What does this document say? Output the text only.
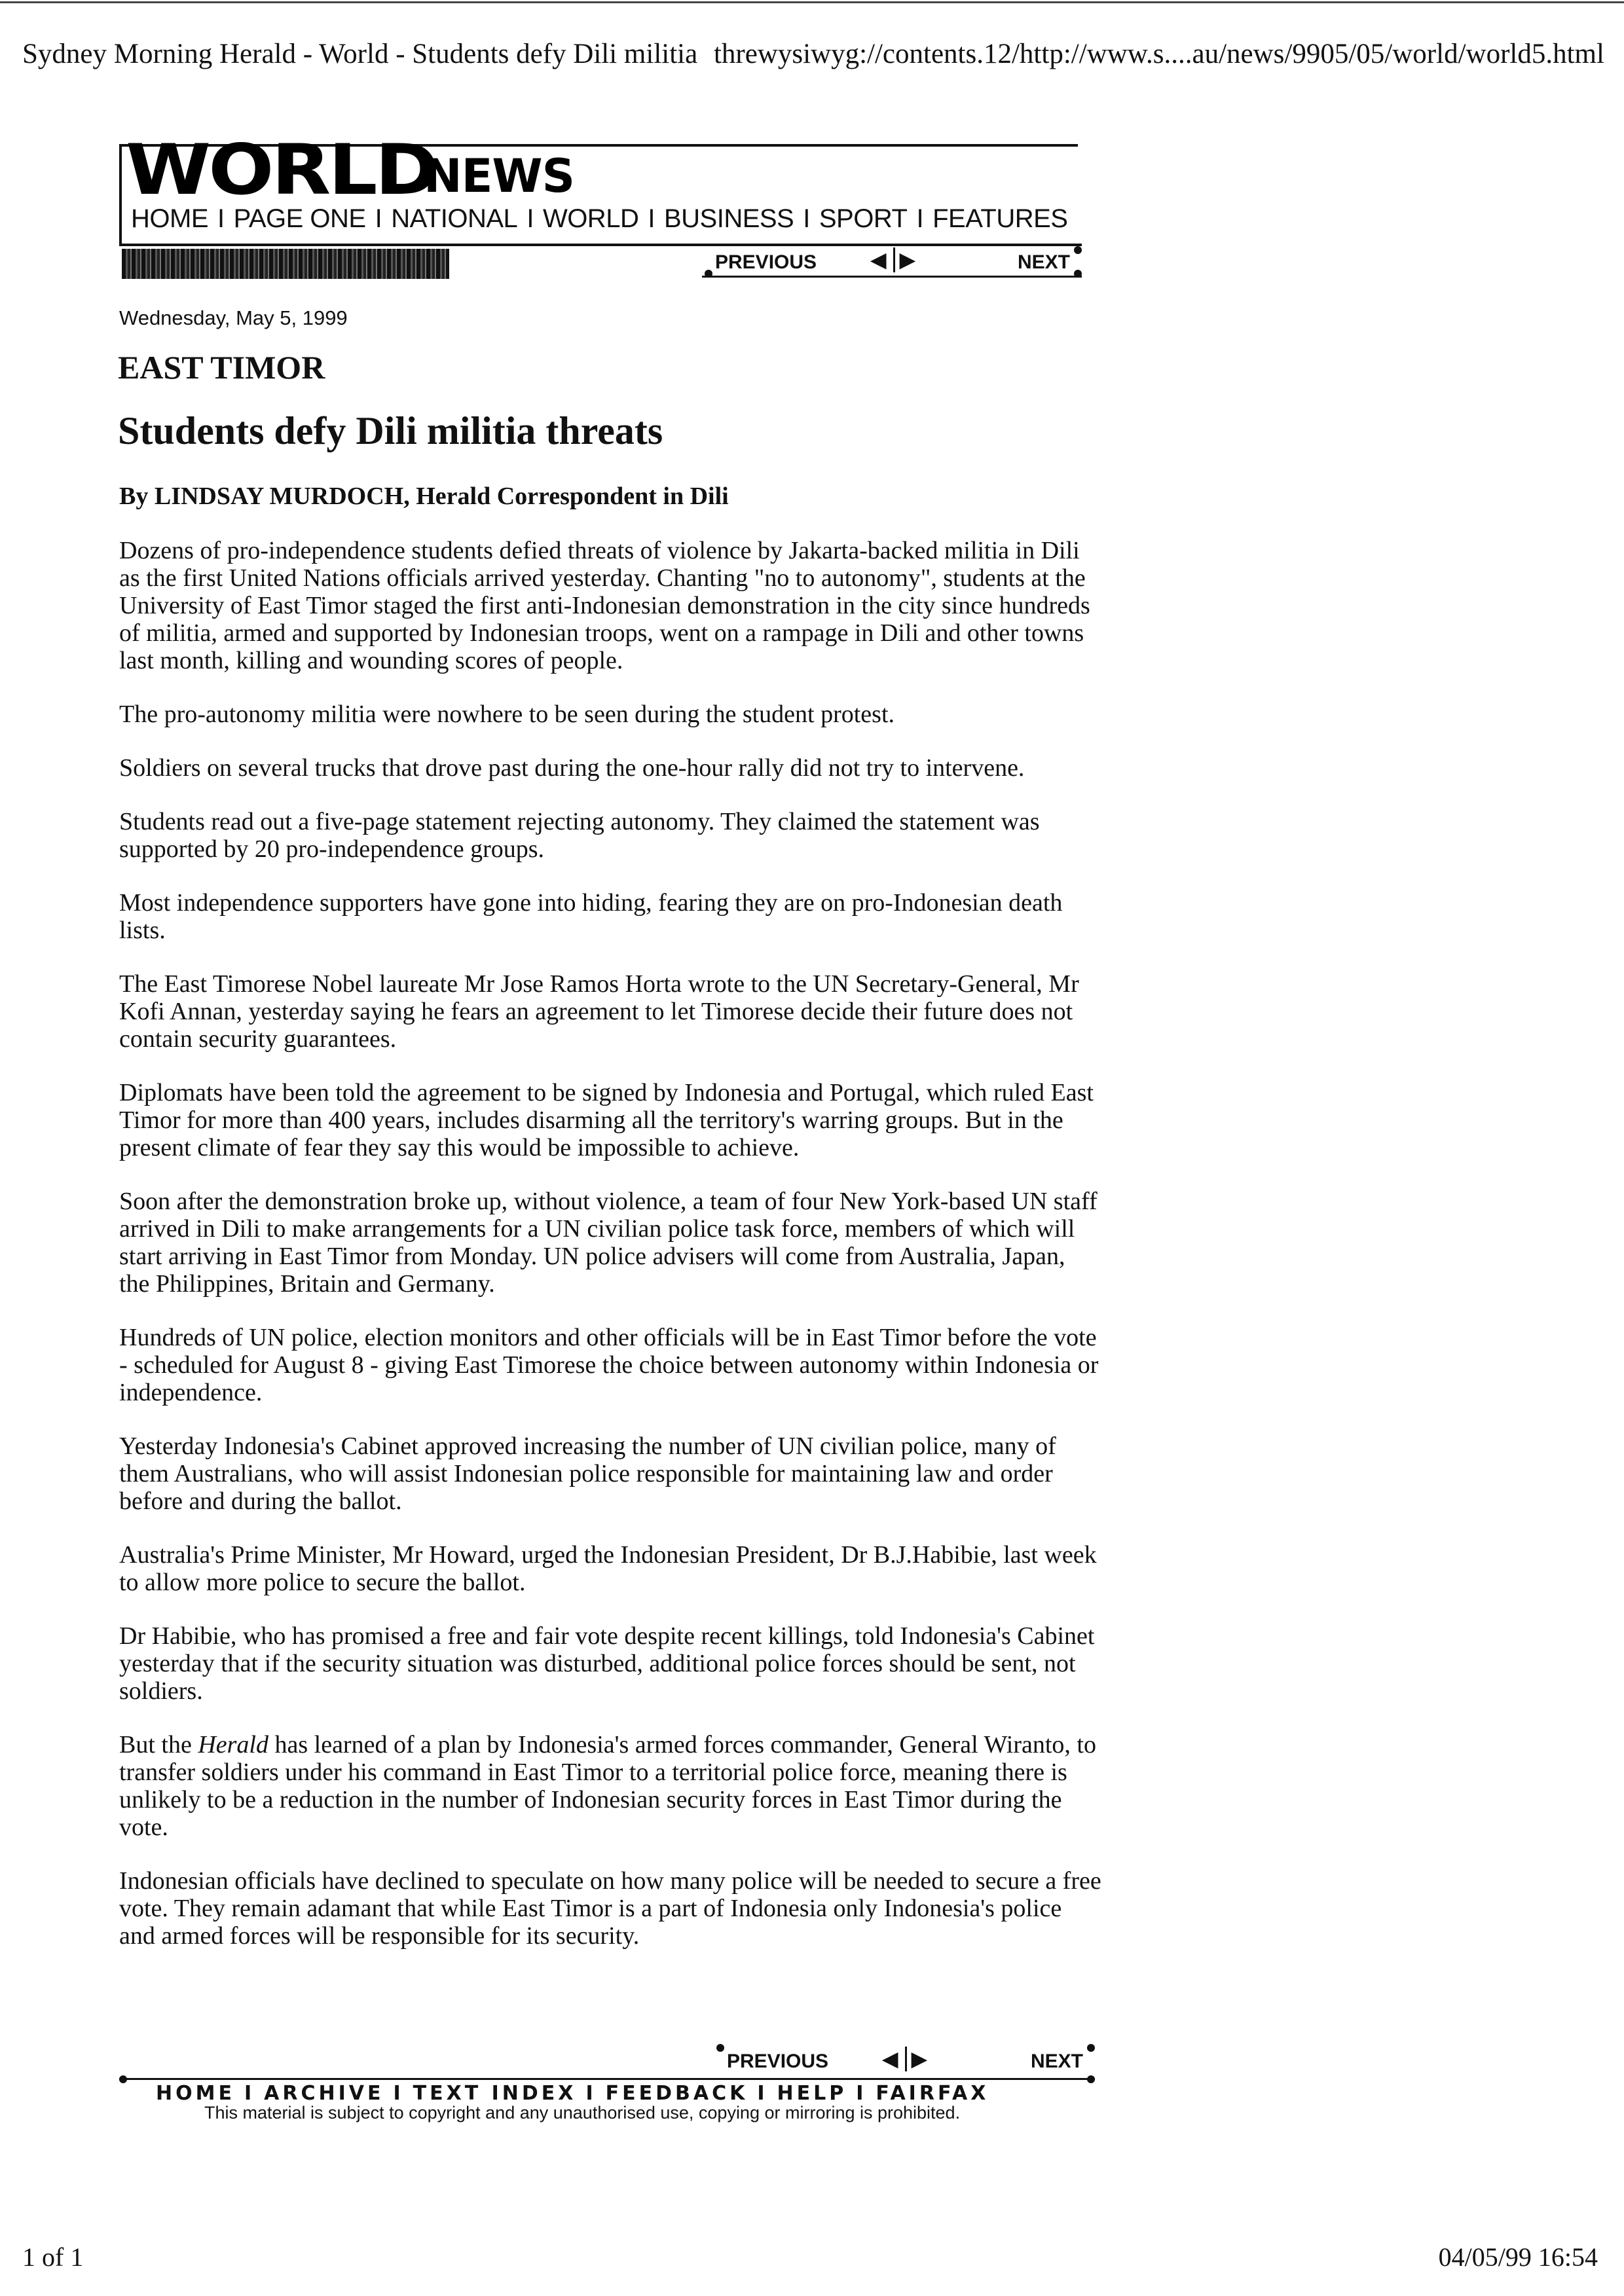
Sydney Morning Herald - World - Students defy Dili militia threwysiwyg://contents.12/http://www.s....au/news/9905/05/world/world5.html
WORLD
NEWS
HOME I PAGE ONE I NATIONAL I WORLD I BUSINESS I SPORT I FEATURES
PREVIOUS	◀ ▶	NEXT
Wednesday, May 5, 1999
EAST TIMOR
Students defy Dili militia threats
By LINDSAY MURDOCH, Herald Correspondent in Dili

Dozens of pro-independence students defied threats of violence by Jakarta-backed militia in Dili as the first United Nations officials arrived yesterday. Chanting "no to autonomy", students at the University of East Timor staged the first anti-Indonesian demonstration in the city since hundreds of militia, armed and supported by Indonesian troops, went on a rampage in Dili and other towns last month, killing and wounding scores of people.

The pro-autonomy militia were nowhere to be seen during the student protest.

Soldiers on several trucks that drove past during the one-hour rally did not try to intervene.

Students read out a five-page statement rejecting autonomy. They claimed the statement was supported by 20 pro-independence groups.

Most independence supporters have gone into hiding, fearing they are on pro-Indonesian death lists.

The East Timorese Nobel laureate Mr Jose Ramos Horta wrote to the UN Secretary-General, Mr Kofi Annan, yesterday saying he fears an agreement to let Timorese decide their future does not contain security guarantees.

Diplomats have been told the agreement to be signed by Indonesia and Portugal, which ruled East Timor for more than 400 years, includes disarming all the territory's warring groups. But in the present climate of fear they say this would be impossible to achieve.

Soon after the demonstration broke up, without violence, a team of four New York-based UN staff arrived in Dili to make arrangements for a UN civilian police task force, members of which will start arriving in East Timor from Monday. UN police advisers will come from Australia, Japan, the Philippines, Britain and Germany.

Hundreds of UN police, election monitors and other officials will be in East Timor before the vote - scheduled for August 8 - giving East Timorese the choice between autonomy within Indonesia or independence.

Yesterday Indonesia's Cabinet approved increasing the number of UN civilian police, many of them Australians, who will assist Indonesian police responsible for maintaining law and order before and during the ballot.

Australia's Prime Minister, Mr Howard, urged the Indonesian President, Dr B.J.Habibie, last week to allow more police to secure the ballot.

Dr Habibie, who has promised a free and fair vote despite recent killings, told Indonesia's Cabinet yesterday that if the security situation was disturbed, additional police forces should be sent, not soldiers.

But the Herald has learned of a plan by Indonesia's armed forces commander, General Wiranto, to transfer soldiers under his command in East Timor to a territorial police force, meaning there is unlikely to be a reduction in the number of Indonesian security forces in East Timor during the vote.

Indonesian officials have declined to speculate on how many police will be needed to secure a free vote. They remain adamant that while East Timor is a part of Indonesia only Indonesia's police and armed forces will be responsible for its security.

PREVIOUS	◀ ▶	NEXT
HOME I ARCHIVE I TEXT INDEX I FEEDBACK I HELP I FAIRFAX
This material is subject to copyright and any unauthorised use, copying or mirroring is prohibited.
1 of 1	04/05/99 16:54
